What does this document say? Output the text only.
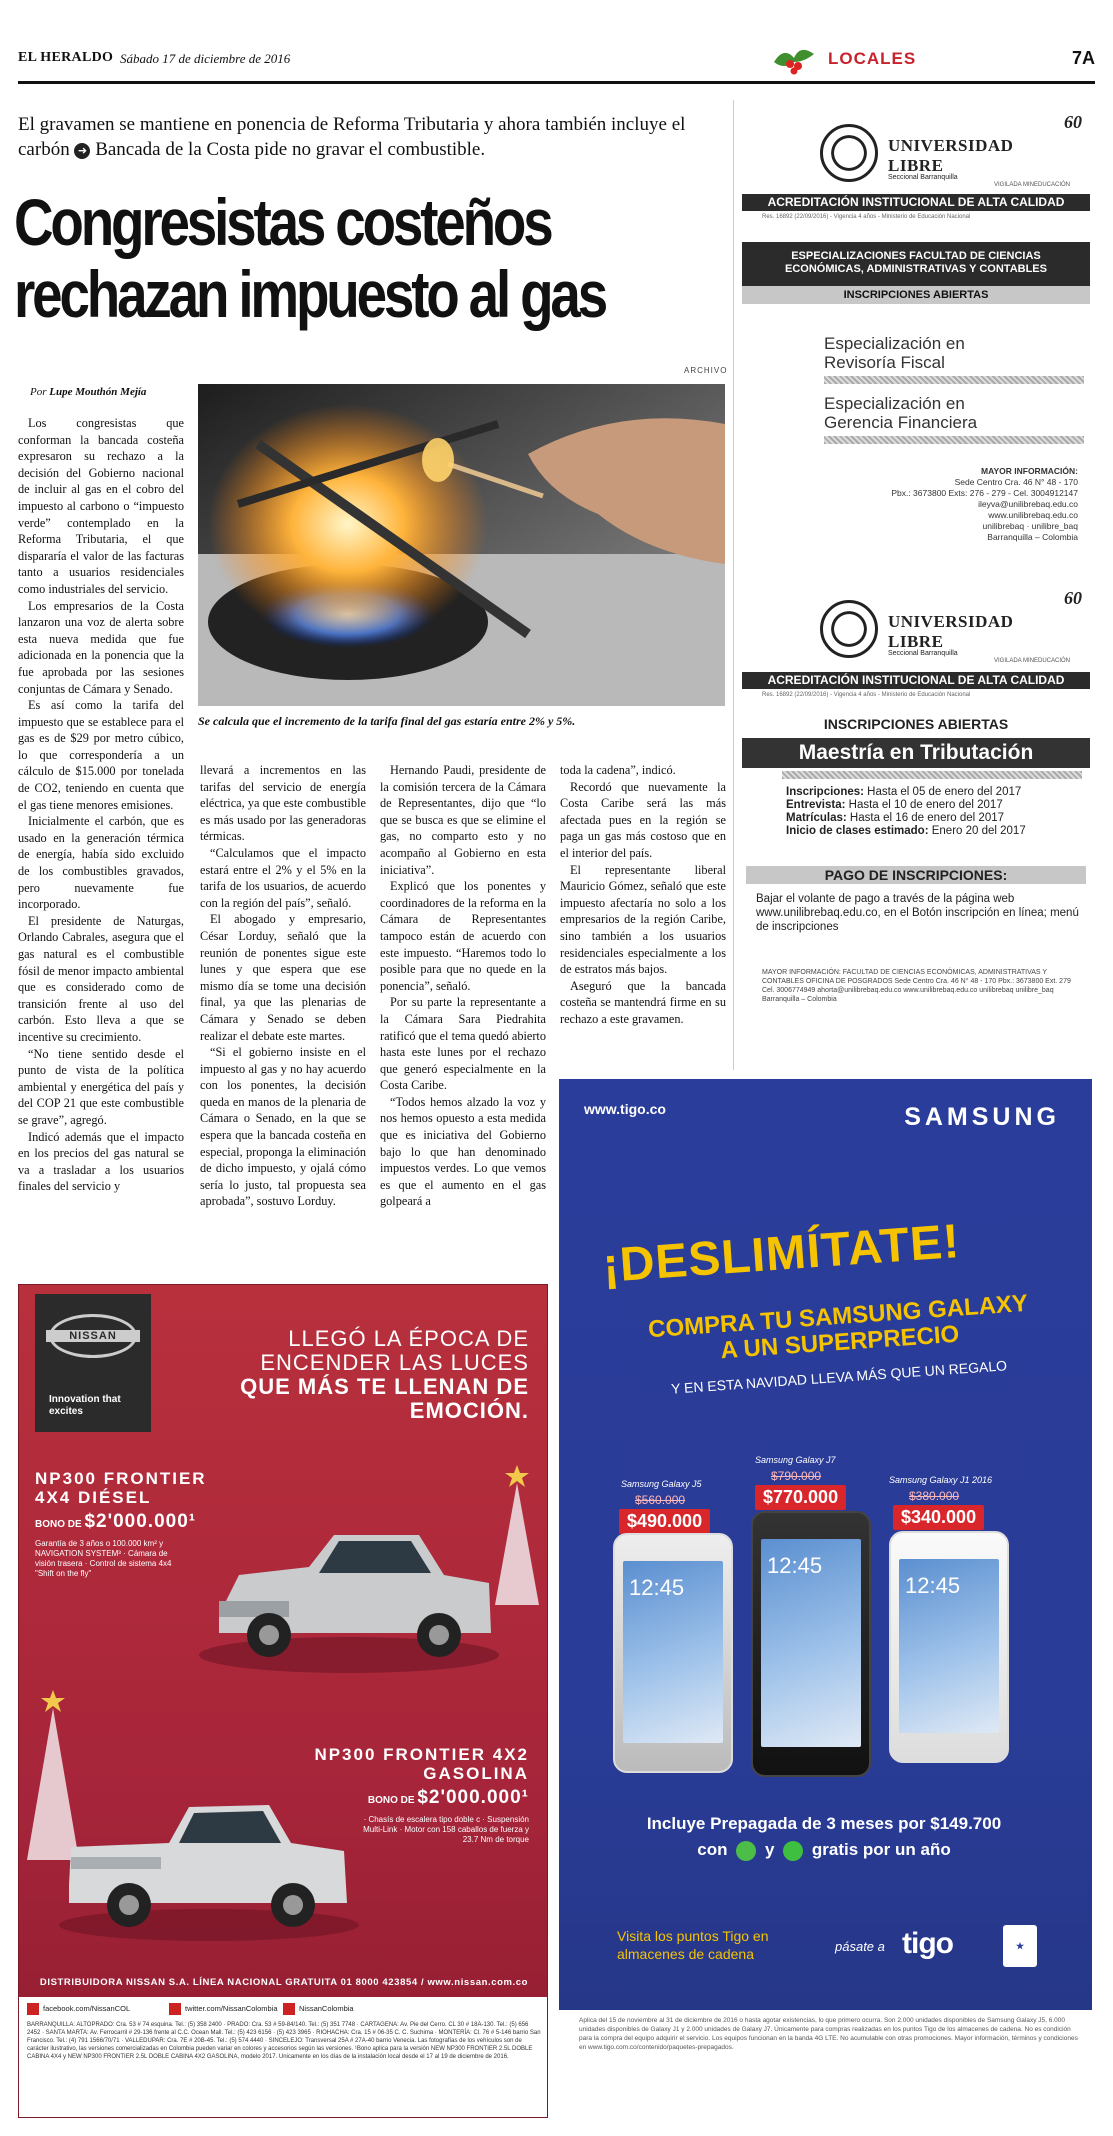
EL HERALDO Sábado 17 de diciembre de 2016	LOCALES	7A
El gravamen se mantiene en ponencia de Reforma Tributaria y ahora también incluye el carbón ➜ Bancada de la Costa pide no gravar el combustible.
Congresistas costeños
rechazan impuesto al gas
ARCHIVO
Por Lupe Mouthón Mejía
Se calcula que el incremento de la tarifa final del gas estaría entre 2% y 5%.

Los congresistas que conforman la bancada costeña expresaron su rechazo a la decisión del Gobierno nacional de incluir al gas en el cobro del impuesto al carbono o “impuesto verde” contemplado en la Reforma Tributaria, el que dispararía el valor de las facturas tanto a usuarios residenciales como industriales del servicio.

Los empresarios de la Costa lanzaron una voz de alerta sobre esta nueva medida que fue adicionada en la ponencia que la fue aprobada por las sesiones conjuntas de Cámara y Senado.

Es así como la tarifa del impuesto que se establece para el gas es de $29 por metro cúbico, lo que correspondería a un cálculo de $15.000 por tonelada de CO2, teniendo en cuenta que el gas tiene menores emisiones.

Inicialmente el carbón, que es usado en la generación térmica de energía, había sido excluido de los combustibles gravados, pero nuevamente fue incorporado.

El presidente de Naturgas, Orlando Cabrales, asegura que el gas natural es el combustible fósil de menor impacto ambiental que es considerado como de transición frente al uso del carbón. Esto lleva a que se incentive su crecimiento.

“No tiene sentido desde el punto de vista de la política ambiental y energética del país y del COP 21 que este combustible se grave”, agregó.

Indicó además que el impacto en los precios del gas natural se va a trasladar a los usuarios finales del servicio y

llevará a incrementos en las tarifas del servicio de energía eléctrica, ya que este combustible es más usado por las generadoras térmicas.

“Calculamos que el impacto estará entre el 2% y el 5% en la tarifa de los usuarios, de acuerdo con la región del país”, señaló.

El abogado y empresario, César Lorduy, señaló que la reunión de ponentes sigue este lunes y que espera que ese mismo día se tome una decisión final, ya que las plenarias de Cámara y Senado se deben realizar el debate este martes.

“Si el gobierno insiste en el impuesto al gas y no hay acuerdo con los ponentes, la decisión queda en manos de la plenaria de Cámara o Senado, en la que se espera que la bancada costeña en especial, proponga la eliminación de dicho impuesto, y ojalá cómo sería lo justo, tal propuesta sea aprobada”, sostuvo Lorduy.

Hernando Paudi, presidente de la comisión tercera de la Cámara de Representantes, dijo que “lo que se busca es que se elimine el gas, no comparto esto y no acompaño al Gobierno en esta iniciativa”.

Explicó que los ponentes y coordinadores de la reforma en la Cámara de Representantes tampoco están de acuerdo con este impuesto. “Haremos todo lo posible para que no quede en la ponencia”, señaló.

Por su parte la representante a la Cámara Sara Piedrahita ratificó que el tema quedó abierto hasta este lunes por el rechazo que generó especialmente en la Costa Caribe.

“Todos hemos alzado la voz y nos hemos opuesto a esta medida que es iniciativa del Gobierno bajo lo que han denominado impuestos verdes. Lo que vemos es que el aumento en el gas golpeará a

toda la cadena”, indicó.

Recordó que nuevamente la Costa Caribe será las más afectada pues en la región se paga un gas más costoso que en el interior del país.

El representante liberal Mauricio Gómez, señaló que este impuesto afectaría no solo a los empresarios de la región Caribe, sino también a los usuarios residenciales especialmente a los de estratos más bajos.

Aseguró que la bancada costeña se mantendrá firme en su rechazo a este gravamen.

UNIVERSIDAD
LIBRE
Seccional Barranquilla
60
VIGILADA MINEDUCACIÓN
ACREDITACIÓN INSTITUCIONAL DE ALTA CALIDAD
Res. 16892 (22/09/2016) - Vigencia 4 años - Ministerio de Educación Nacional
ESPECIALIZACIONES FACULTAD DE CIENCIAS ECONÓMICAS, ADMINISTRATIVAS Y CONTABLES
INSCRIPCIONES ABIERTAS
Especialización en Revisoría Fiscal
Especialización en Gerencia Financiera
MAYOR INFORMACIÓN:
Sede Centro Cra. 46 N° 48 - 170
Pbx.: 3673800 Exts: 276 - 279 - Cel. 3004912147
ileyva@unilibrebaq.edu.co
www.unilibrebaq.edu.co
unilibrebaq · unilibre_baq
Barranquilla – Colombia
UNIVERSIDAD
LIBRE
Seccional Barranquilla
60
VIGILADA MINEDUCACIÓN
ACREDITACIÓN INSTITUCIONAL DE ALTA CALIDAD
Res. 16892 (22/09/2016) - Vigencia 4 años - Ministerio de Educación Nacional
INSCRIPCIONES ABIERTAS
Maestría en Tributación
Inscripciones: Hasta el 05 de enero del 2017
Entrevista: Hasta el 10 de enero del 2017
Matrículas: Hasta el 16 de enero del 2017
Inicio de clases estimado: Enero 20 del 2017
PAGO DE INSCRIPCIONES:
Bajar el volante de pago a través de la página web www.unilibrebaq.edu.co, en el Botón inscripción en línea; menú de inscripciones
MAYOR INFORMACIÓN: FACULTAD DE CIENCIAS ECONÓMICAS, ADMINISTRATIVAS Y CONTABLES OFICINA DE POSGRADOS Sede Centro Cra. 46 N° 48 - 170 Pbx.: 3673800 Ext. 279 Cel. 3006774949 ahorta@unilibrebaq.edu.co www.unilibrebaq.edu.co unilibrebaq unilibre_baq Barranquilla – Colombia
www.tigo.co	SAMSUNG
¡DESLIMÍTATE!
COMPRA TU SAMSUNG GALAXY A UN SUPERPRECIO
Y EN ESTA NAVIDAD LLEVA MÁS QUE UN REGALO
Samsung Galaxy J5
$560.000
$490.000
12:45
Samsung Galaxy J7
$790.000
$770.000
12:45
Samsung Galaxy J1 2016
$380.000
$340.000
12:45
Incluye Prepagada de 3 meses por $149.700
con y gratis por un año
Visita los puntos Tigo en almacenes de cadena	pásate a tigo	★
Aplica del 15 de noviembre al 31 de diciembre de 2016 o hasta agotar existencias, lo que primero ocurra. Son 2.000 unidades disponibles de Samsung Galaxy J5, 6.000 unidades disponibles de Galaxy J1 y 2.000 unidades de Galaxy J7. Únicamente para compras realizadas en los puntos Tigo de los almacenes de cadena. No es condición para la compra del equipo adquirir el servicio. Los equipos funcionan en la banda 4G LTE. No acumulable con otras promociones. Mayor información, términos y condiciones en www.tigo.com.co/contenido/paquetes-prepagados.
NISSAN
Innovation that excites
LLEGÓ LA ÉPOCA DE ENCENDER LAS LUCES
QUE MÁS TE LLENAN DE EMOCIÓN.
NP300 FRONTIER 4X4 DIÉSEL
BONO DE $2'000.000¹
Garantía de 3 años o 100.000 km² y NAVIGATION SYSTEM³ · Cámara de visión trasera · Control de sistema 4x4 "Shift on the fly"
NP300 FRONTIER 4X2 GASOLINA
BONO DE $2'000.000¹
· Chasís de escalera tipo doble c · Suspensión Multi-Link · Motor con 158 caballos de fuerza y 23.7 Nm de torque
DISTRIBUIDORA NISSAN S.A. LÍNEA NACIONAL GRATUITA 01 8000 423854 / www.nissan.com.co
facebook.com/NissanCOL	twitter.com/NissanColombia	NissanColombia
BARRANQUILLA: ALTOPRADO: Cra. 53 # 74 esquina. Tel.: (5) 358 2400 · PRADO: Cra. 53 # 59-84/140. Tel.: (5) 351 7748 · CARTAGENA: Av. Pie del Cerro. CL 30 # 18A-130. Tel.: (5) 656 2452 · SANTA MARTA: Av. Ferrocarril # 29-136 frente al C.C. Ocean Mall. Tel.: (5) 423 6156 · (5) 423 3965 · RIOHACHA: Cra. 15 # 06-35 C. C. Suchima · MONTERÍA: Cl. 76 # 5-146 barrio San Francisco. Tel.: (4) 791 1566/70/71 · VALLEDUPAR: Cra. 7E # 20B-45. Tel.: (5) 574 4440 · SINCELEJO: Transversal 25A # 27A-40 barrio Venecia. Las fotografías de los vehículos son de carácter ilustrativo, las versiones comercializadas en Colombia pueden variar en colores y accesorios según las versiones. ¹Bono aplica para la versión NEW NP300 FRONTIER 2.5L DOBLE CABINA 4X4 y NEW NP300 FRONTIER 2.5L DOBLE CABINA 4X2 GASOLINA, modelo 2017. Unicamente en los días de la instalación local desde el 17 al 19 de diciembre de 2016.
